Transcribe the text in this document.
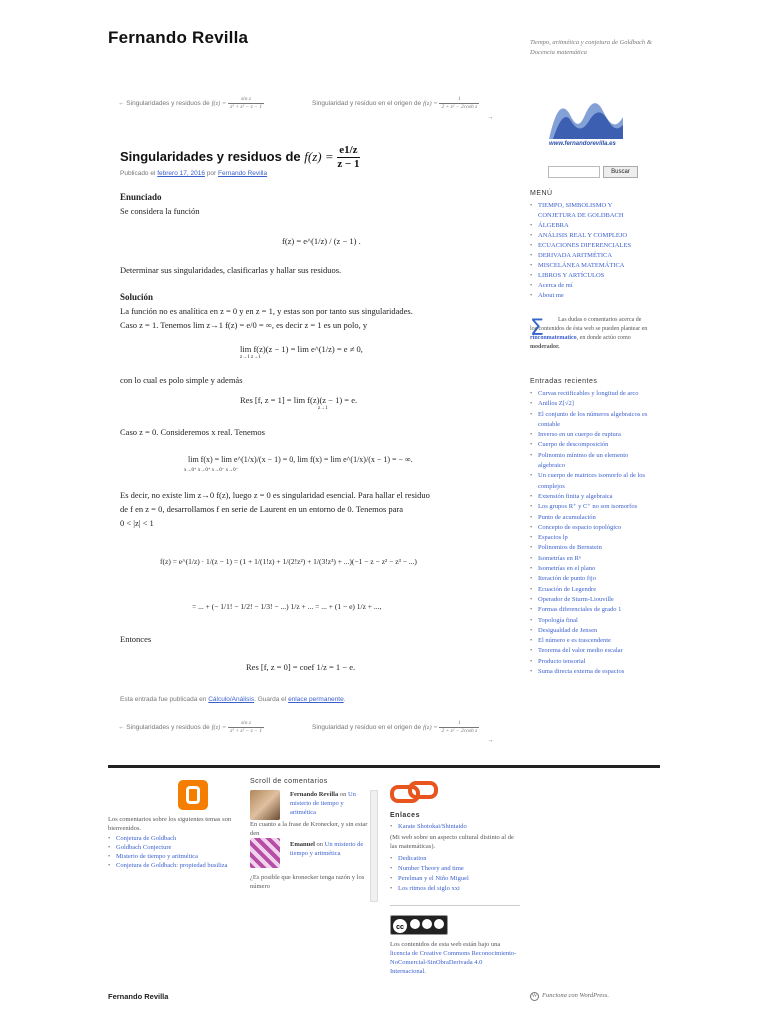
Fernando Revilla	Tiempo, aritmética y conjetura de Goldbach & Docencia matemática
← Singularidades y residuos de $f(z) = \frac{\text{sin z}}{\text{z³ + z² − z − 1}}$	Singularidad y residuo en el origen de $f(z) = \frac{1}{\text{2 + z² − 2cosh z}}$
→
Singularidades y residuos de $f(z) = \frac{e1/z}{z - 1}$
Publicado el febrero 17, 2016 por Fernando Revilla
Enunciado
Se considera la función
f(z) = e^(1/z) / (z − 1) .
Determinar sus singularidades, clasificarlas y hallar sus residuos.
Solución
La función no es analítica en z = 0 y en z = 1, y estas son por tanto sus singularidades.
Caso z = 1. Tenemos lim z→1 f(z) = e/0 = ∞, es decir z = 1 es un polo, y
lim f(z)(z − 1) = lim e^(1/z) = e ≠ 0,
z→1 z→1
con lo cual es polo simple y además
Res [f, z = 1] = lim f(z)(z − 1) = e.
z→1
Caso z = 0. Consideremos x real. Tenemos
lim f(x) = lim e^(1/x)/(x − 1) = 0, lim f(x) = lim e^(1/x)/(x − 1) = − ∞.
x→0⁺ x→0⁺ x→0⁻ x→0⁻
Es decir, no existe lim z→0 f(z), luego z = 0 es singularidad esencial. Para hallar el residuo
de f en z = 0, desarrollamos f en serie de Laurent en un entorno de 0. Tenemos para
0 < |z| < 1
f(z) = e^(1/z) · 1/(z − 1) = (1 + 1/(1!z) + 1/(2!z²) + 1/(3!z³) + ...)(−1 − z − z² − z³ − ...)
= ... + (− 1/1! − 1/2! − 1/3! − ...) 1/z + ... = ... + (1 − e) 1/z + ...,
Entonces
Res [f, z = 0] = coef 1/z = 1 − e.
Esta entrada fue publicada en Cálculo/Análisis. Guarda el enlace permanente.
← Singularidades y residuos de $f(z) = \frac{\text{sin z}}{\text{z³ + z² − z − 1}}$	Singularidad y residuo en el origen de $f(z) = \frac{1}{\text{2 + z² − 2cosh z}}$
→
www.fernandorevilla.es
Buscar
MENÚ
• TIEMPO, SIMBOLISMO Y CONJETURA DE GOLDBACH
• ÁLGEBRA
• ANÁLISIS REAL Y COMPLEJO
• ECUACIONES DIFERENCIALES
• DERIVADA ARITMÉTICA
• MISCELÁNEA MATEMÁTICA
• LIBROS Y ARTÍCULOS
• Acerca de mí
• About me
Σ	Las dudas o comentarios acerca de los contenidos de ésta web se pueden plantear en rinconmatematico, en donde actúo como moderador.
Entradas recientes
• Curvas rectificables y longitud de arco
• Anillos Z[√2]
• El conjunto de los números algebraicos es contable
• Inverso en un cuerpo de ruptura
• Cuerpo de descomposición
• Polinomio mínimo de un elemento algebraico
• Un cuerpo de matrices isomorfo al de los complejos
• Extensión finita y algebraica
• Los grupos R⁺ y C⁺ no son isomorfos
• Punto de acumulación
• Concepto de espacio topológico
• Espacios lp
• Polinomios de Bernstein
• Isometrías en Rⁿ
• Isometrías en el plano
• Iteración de punto fijo
• Ecuación de Legendre
• Operador de Sturm-Liouville
• Formas diferenciales de grado 1
• Topología final
• Desigualdad de Jensen
• El número e es trascendente
• Teorema del valor medio escalar
• Producto tensorial
• Suma directa externa de espacios
Los comentarios sobre los siguientes temas son bienvenidos.
• Conjetura de Goldbach
• Goldbach Conjecture
• Misterio de tiempo y aritmética
• Conjetura de Goldbach: propiedad busiliza
Scroll de comentarios
Fernando Revilla on Un misterio de tiempo y aritmética
En cuanto a la frase de Kronecker, y sin estar den
Emanuel on Un misterio de tiempo y aritmética
¿Es posible que kronecker tenga razón y los número
Enlaces
• Karate Shotokai/Shintaido
(Mi web sobre un aspecto cultural distinto al de las matemáticas).
• Dedication
• Number Theory and time
• Perelman y el Niño Miguel
• Los ritmos del siglo xxi
cc
Los contenidos de esta web están bajo una licencia de Creative Commons Reconocimiento-NoComercial-SinObraDerivada 4.0 Internacional.
Fernando Revilla	W Funciona con WordPress.
